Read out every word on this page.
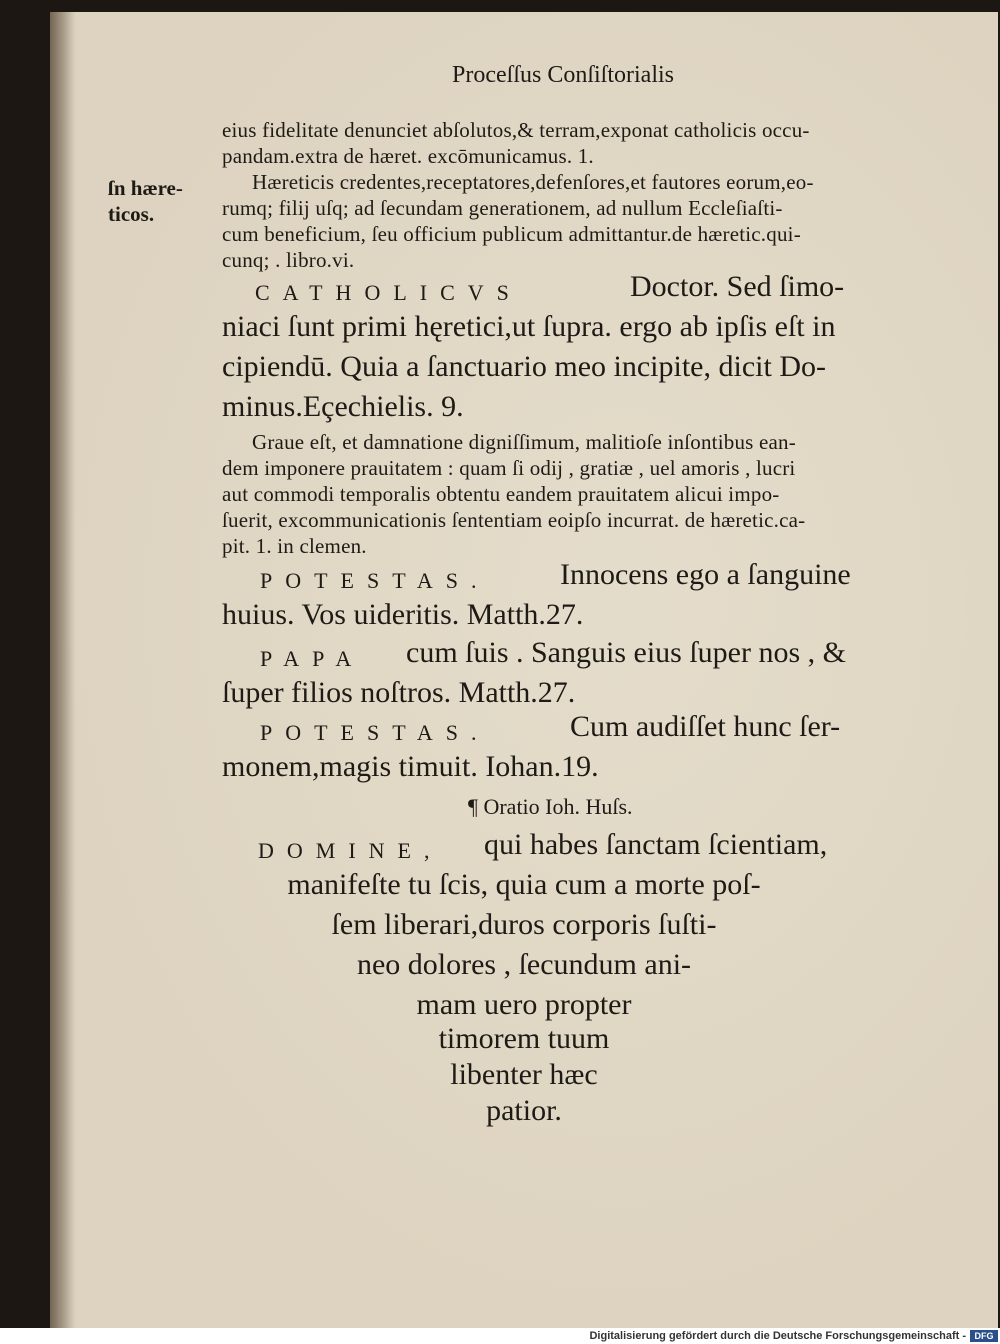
Proceſſus Conſiſtorialis
ſn hære-
ticos.
eius fidelitate denunciet abſolutos,& terram,exponat catholicis occu-
pandam.extra de hæret. excōmunicamus. 1.
Hæreticis credentes,receptatores,defenſores,et fautores eorum,eo-
rumq; filij uſq; ad ſecundam generationem, ad nullum Eccleſiaſti-
cum beneficium, ſeu officium publicum admittantur.de hæretic.qui-
cunq; . libro.vi.
CATHOLICVS	Doctor. Sed ſimo-
niaci ſunt primi hęretici,ut ſupra. ergo ab ipſis eſt in
cipiendū. Quia a ſanctuario meo incipite, dicit Do-
minus.Eçechielis. 9.
Graue eſt, et damnatione digniſſimum, malitioſe inſontibus ean-
dem imponere prauitatem : quam ſi odij , gratiæ , uel amoris , lucri
aut commodi temporalis obtentu eandem prauitatem alicui impo-
ſuerit, excommunicationis ſententiam eoipſo incurrat. de hæretic.ca-
pit. 1. in clemen.
POTESTAS. Innocens ego a ſanguine
huius. Vos uideritis. Matth.27.
PAPA cum ſuis . Sanguis eius ſuper nos , &
ſuper filios noſtros. Matth.27.
POTESTAS.	Cum audiſſet hunc ſer-
monem,magis timuit. Iohan.19.
¶ Oratio Ioh. Huſs.
DOMINE, qui habes ſanctam ſcientiam,
manifeſte tu ſcis, quia cum a morte poſ-
ſem liberari,duros corporis ſuſti-
neo dolores , ſecundum ani-
mam uero propter
timorem tuum
libenter hæc
patior.
Digitalisierung gefördert durch die Deutsche Forschungsgemeinschaft - DFG
